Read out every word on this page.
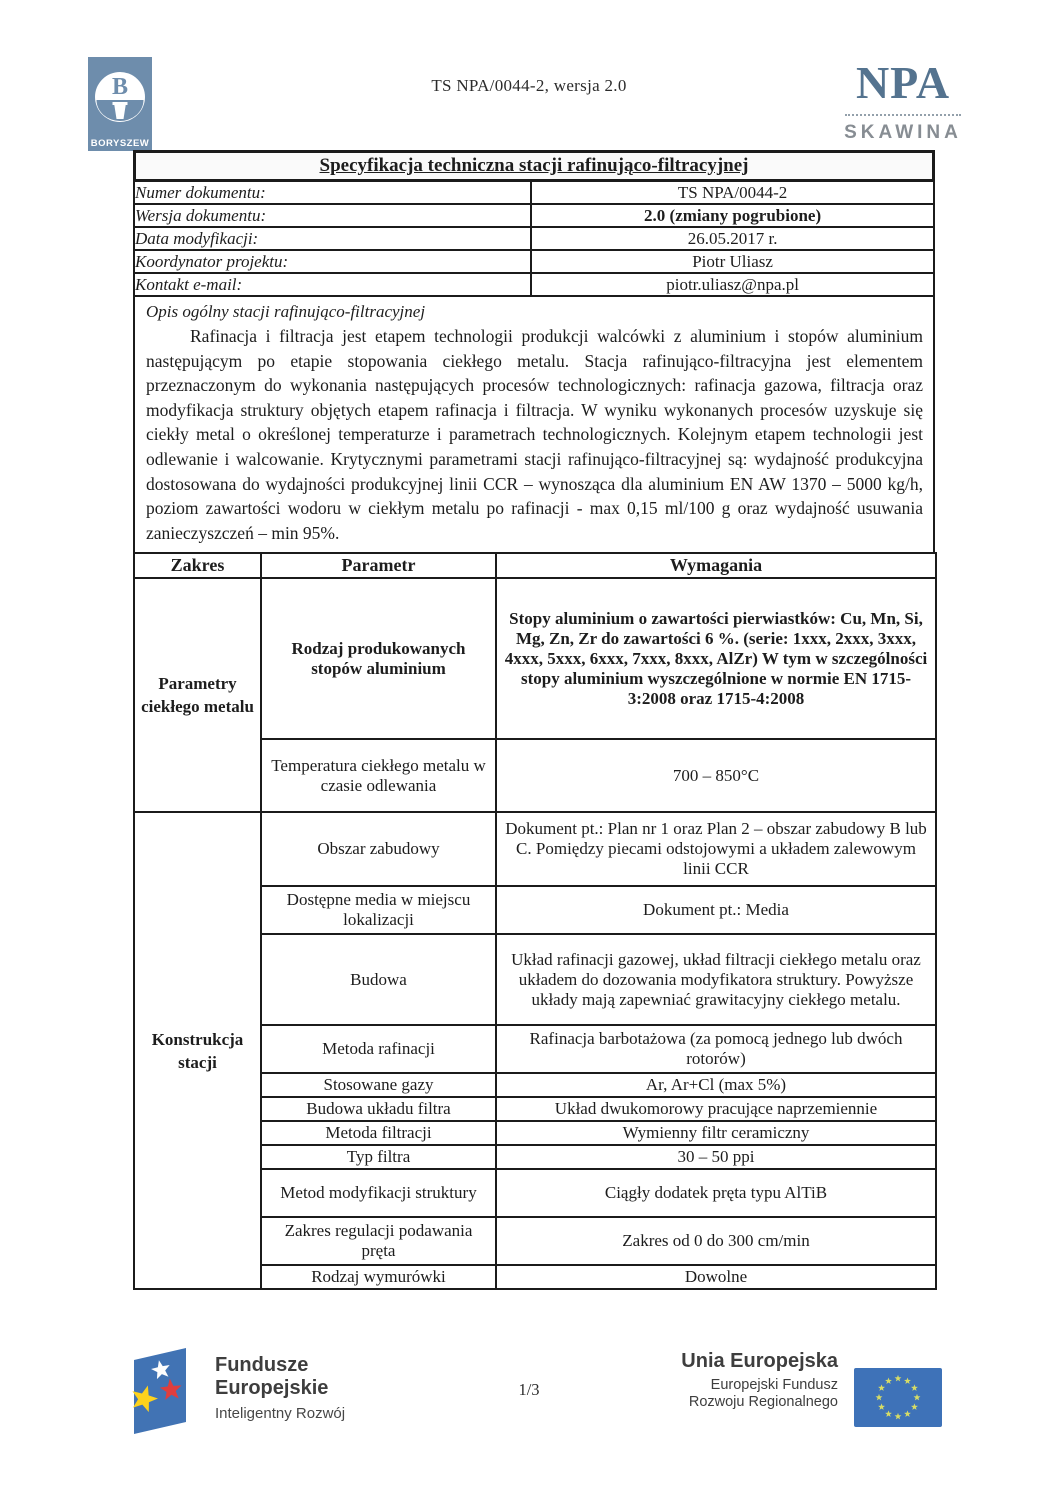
TS NPA/0044-2, wersja 2.0
B
BORYSZEW
NPA
SKAWINA
Specyfikacja techniczna stacji rafinująco-filtracyjnej
Numer dokumentu:	TS NPA/0044-2
Wersja dokumentu:	2.0 (zmiany pogrubione)
Data modyfikacji:	26.05.2017 r.
Koordynator projektu:	Piotr Uliasz
Kontakt e-mail:	piotr.uliasz@npa.pl
Opis ogólny stacji rafinująco-filtracyjnej

Rafinacja i filtracja jest etapem technologii produkcji walcówki z aluminium i stopów aluminium następującym po etapie stopowania ciekłego metalu. Stacja rafinująco-filtracyjna jest elementem przeznaczonym do wykonania następujących procesów technologicznych: rafinacja gazowa, filtracja oraz modyfikacja struktury objętych etapem rafinacja i filtracja. W wyniku wykonanych procesów uzyskuje się ciekły metal o określonej temperaturze i parametrach technologicznych. Kolejnym etapem technologii jest odlewanie i walcowanie. Krytycznymi parametrami stacji rafinująco-filtracyjnej są: wydajność produkcyjna dostosowana do wydajności produkcyjnej linii CCR – wynosząca dla aluminium EN AW 1370 – 5000 kg/h, poziom zawartości wodoru w ciekłym metalu po rafinacji - max 0,15 ml/100 g oraz wydajność usuwania zanieczyszczeń – min 95%.

Zakres	Parametr	Wymagania
Parametry ciekłego metalu	Rodzaj produkowanych stopów aluminium	Stopy aluminium o zawartości pierwiastków: Cu, Mn, Si, Mg, Zn, Zr do zawartości 6 %. (serie: 1xxx, 2xxx, 3xxx, 4xxx, 5xxx, 6xxx, 7xxx, 8xxx, AlZr) W tym w szczególności stopy aluminium wyszczególnione w normie EN 1715-3:2008 oraz 1715-4:2008
	Temperatura ciekłego metalu w czasie odlewania	700 – 850°C
Konstrukcja stacji	Obszar zabudowy	Dokument pt.: Plan nr 1 oraz Plan 2 – obszar zabudowy B lub C. Pomiędzy piecami odstojowymi a układem zalewowym linii CCR
	Dostępne media w miejscu lokalizacji	Dokument pt.: Media
	Budowa	Układ rafinacji gazowej, układ filtracji ciekłego metalu oraz układem do dozowania modyfikatora struktury. Powyższe układy mają zapewniać grawitacyjny ciekłego metalu.
	Metoda rafinacji	Rafinacja barbotażowa (za pomocą jednego lub dwóch rotorów)
	Stosowane gazy	Ar, Ar+Cl (max 5%)
	Budowa układu filtra	Układ dwukomorowy pracujące naprzemiennie
	Metoda filtracji	Wymienny filtr ceramiczny
	Typ filtra	30 – 50 ppi
	Metod modyfikacji struktury	Ciągły dodatek pręta typu AlTiB
	Zakres regulacji podawania pręta	Zakres od 0 do 300 cm/min
	Rodzaj wymurówki	Dowolne
Fundusze Europejskie
Inteligentny Rozwój
1/3
Unia Europejska
Europejski Fundusz
Rozwoju Regionalnego
